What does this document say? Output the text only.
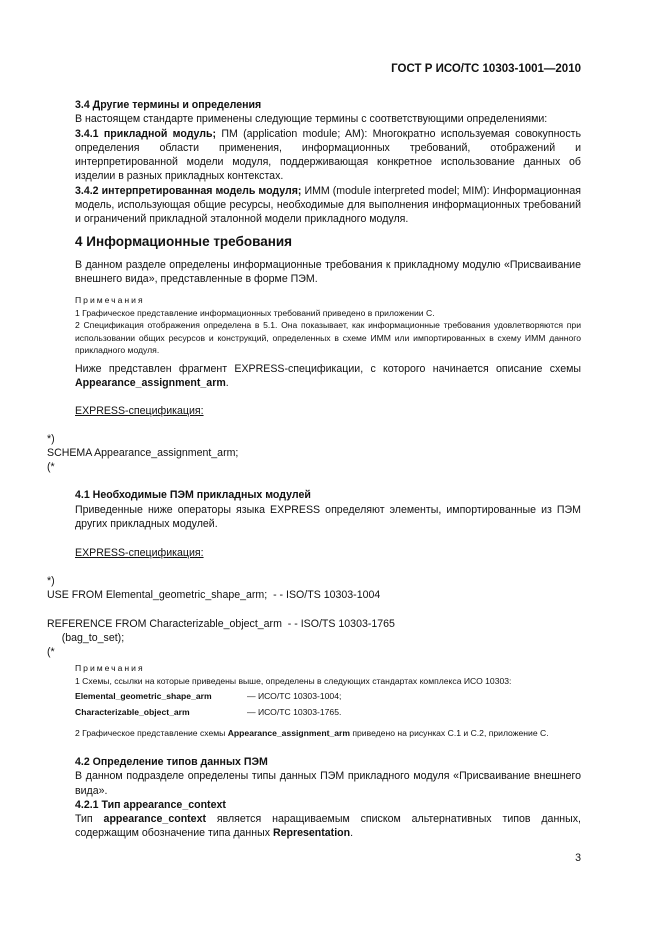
ГОСТ Р ИСО/ТС 10303-1001—2010

3.4 Другие термины и определения

В настоящем стандарте применены следующие термины с соответствующими определениями:

3.4.1 прикладной модуль; ПМ (application module; AM): Многократно используемая совокупность определения области применения, информационных требований, отображений и интерпретированной модели модуля, поддерживающая конкретное использование данных об изделии в разных прикладных контекстах.

3.4.2 интерпретированная модель модуля; ИММ (module interpreted model; MIM): Информационная модель, использующая общие ресурсы, необходимые для выполнения информационных требований и ограничений прикладной эталонной модели прикладного модуля.

4 Информационные требования
В данном разделе определены информационные требования к прикладному модулю «Присваивание внешнего вида», представленные в форме ПЭМ.

Примечания

1 Графическое представление информационных требований приведено в приложении С.

2 Спецификация отображения определена в 5.1. Она показывает, как информационные требования удовлетворяются при использовании общих ресурсов и конструкций, определенных в схеме ИММ или импортированных в схему ИММ данного прикладного модуля.

Ниже представлен фрагмент EXPRESS-спецификации, с которого начинается описание схемы Appearance_assignment_arm.
EXPRESS-спецификация:
*)
SCHEMA Appearance_assignment_arm;
(*
4.1 Необходимые ПЭМ прикладных модулей
Приведенные ниже операторы языка EXPRESS определяют элементы, импортированные из ПЭМ других прикладных модулей.
EXPRESS-спецификация:
*)
USE FROM Elemental_geometric_shape_arm;  - - ISO/TS 10303-1004
REFERENCE FROM Characterizable_object_arm  - - ISO/TS 10303-1765
(bag_to_set);
(*

Примечания

1 Схемы, ссылки на которые приведены выше, определены в следующих стандартах комплекса ИСО 10303:

Elemental_geometric_shape_arm	— ИСО/ТС 10303-1004;
Characterizable_object_arm	— ИСО/ТС 10303-1765.

2 Графическое представление схемы Appearance_assignment_arm приведено на рисунках С.1 и С.2, приложение С.

4.2 Определение типов данных ПЭМ

В данном подразделе определены типы данных ПЭМ прикладного модуля «Присваивание внешнего вида».

4.2.1 Тип appearance_context

Тип appearance_context является наращиваемым списком альтернативных типов данных, содержащим обозначение типа данных Representation.

3
